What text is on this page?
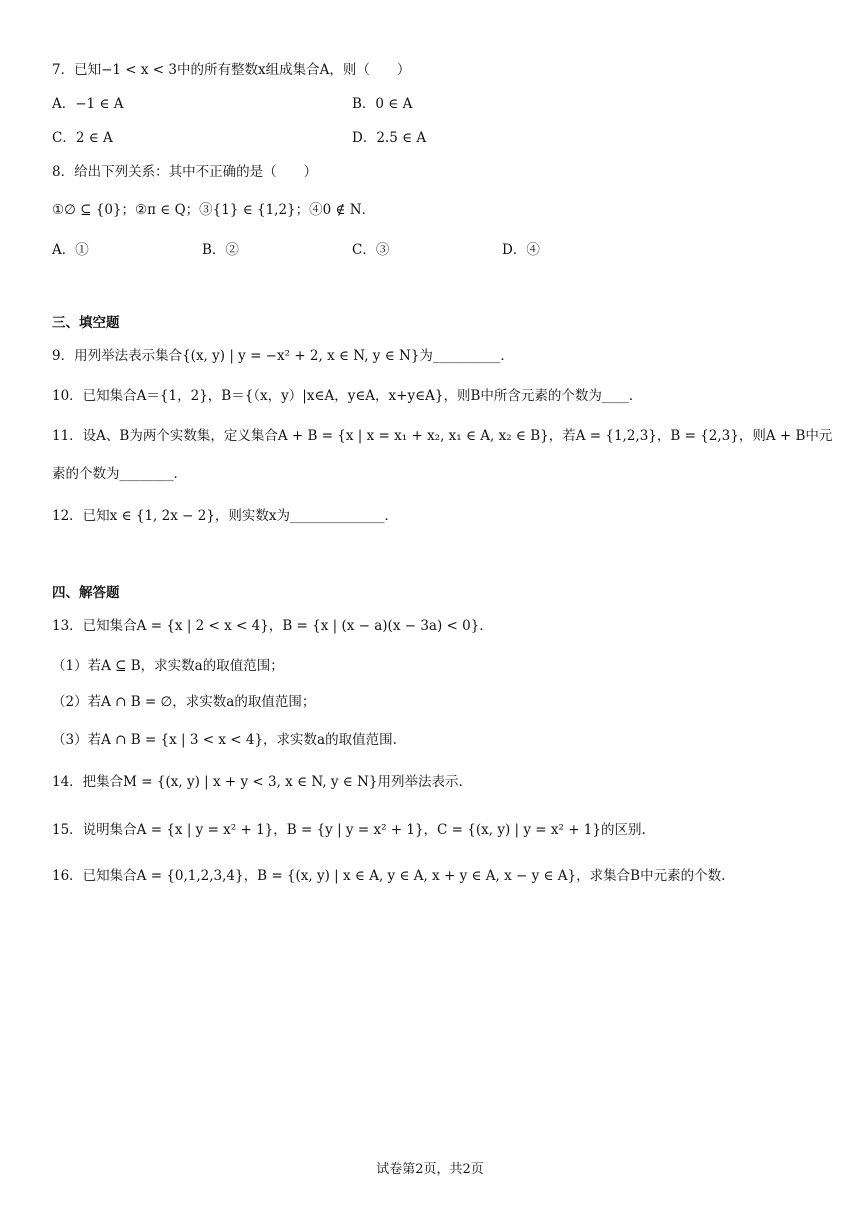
7．已知−1 < x < 3中的所有整数x组成集合A，则（　　）
A．−1 ∈ A	B．0 ∈ A
C．2 ∈ A	D．2.5 ∈ A
8．给出下列关系：其中不正确的是（　　）
①∅ ⊆ {0}；②π ∈ Q；③{1} ∈ {1,2}；④0 ∉ N．
A．①	B．②	C．③	D．④
三、填空题
9．用列举法表示集合{(x, y) | y = −x² + 2, x ∈ N, y ∈ N}为__________．
10．已知集合A＝{1，2}，B＝{（x，y）|x∈A，y∈A，x+y∈A}，则B中所含元素的个数为____．
11．设A、B为两个实数集，定义集合A + B = {x | x = x₁ + x₂, x₁ ∈ A, x₂ ∈ B}，若A = {1,2,3}，B = {2,3}，则A + B中元
素的个数为________．
12．已知x ∈ {1, 2x − 2}，则实数x为______________．
四、解答题
13．已知集合A = {x | 2 < x < 4}，B = {x | (x − a)(x − 3a) < 0}．
（1）若A ⊆ B，求实数a的取值范围；
（2）若A ∩ B = ∅，求实数a的取值范围；
（3）若A ∩ B = {x | 3 < x < 4}，求实数a的取值范围.
14．把集合M = {(x, y) | x + y < 3, x ∈ N, y ∈ N}用列举法表示.
15．说明集合A = {x | y = x² + 1}，B = {y | y = x² + 1}，C = {(x, y) | y = x² + 1}的区别.
16．已知集合A = {0,1,2,3,4}，B = {(x, y) | x ∈ A, y ∈ A, x + y ∈ A, x − y ∈ A}，求集合B中元素的个数.
试卷第2页，共2页
